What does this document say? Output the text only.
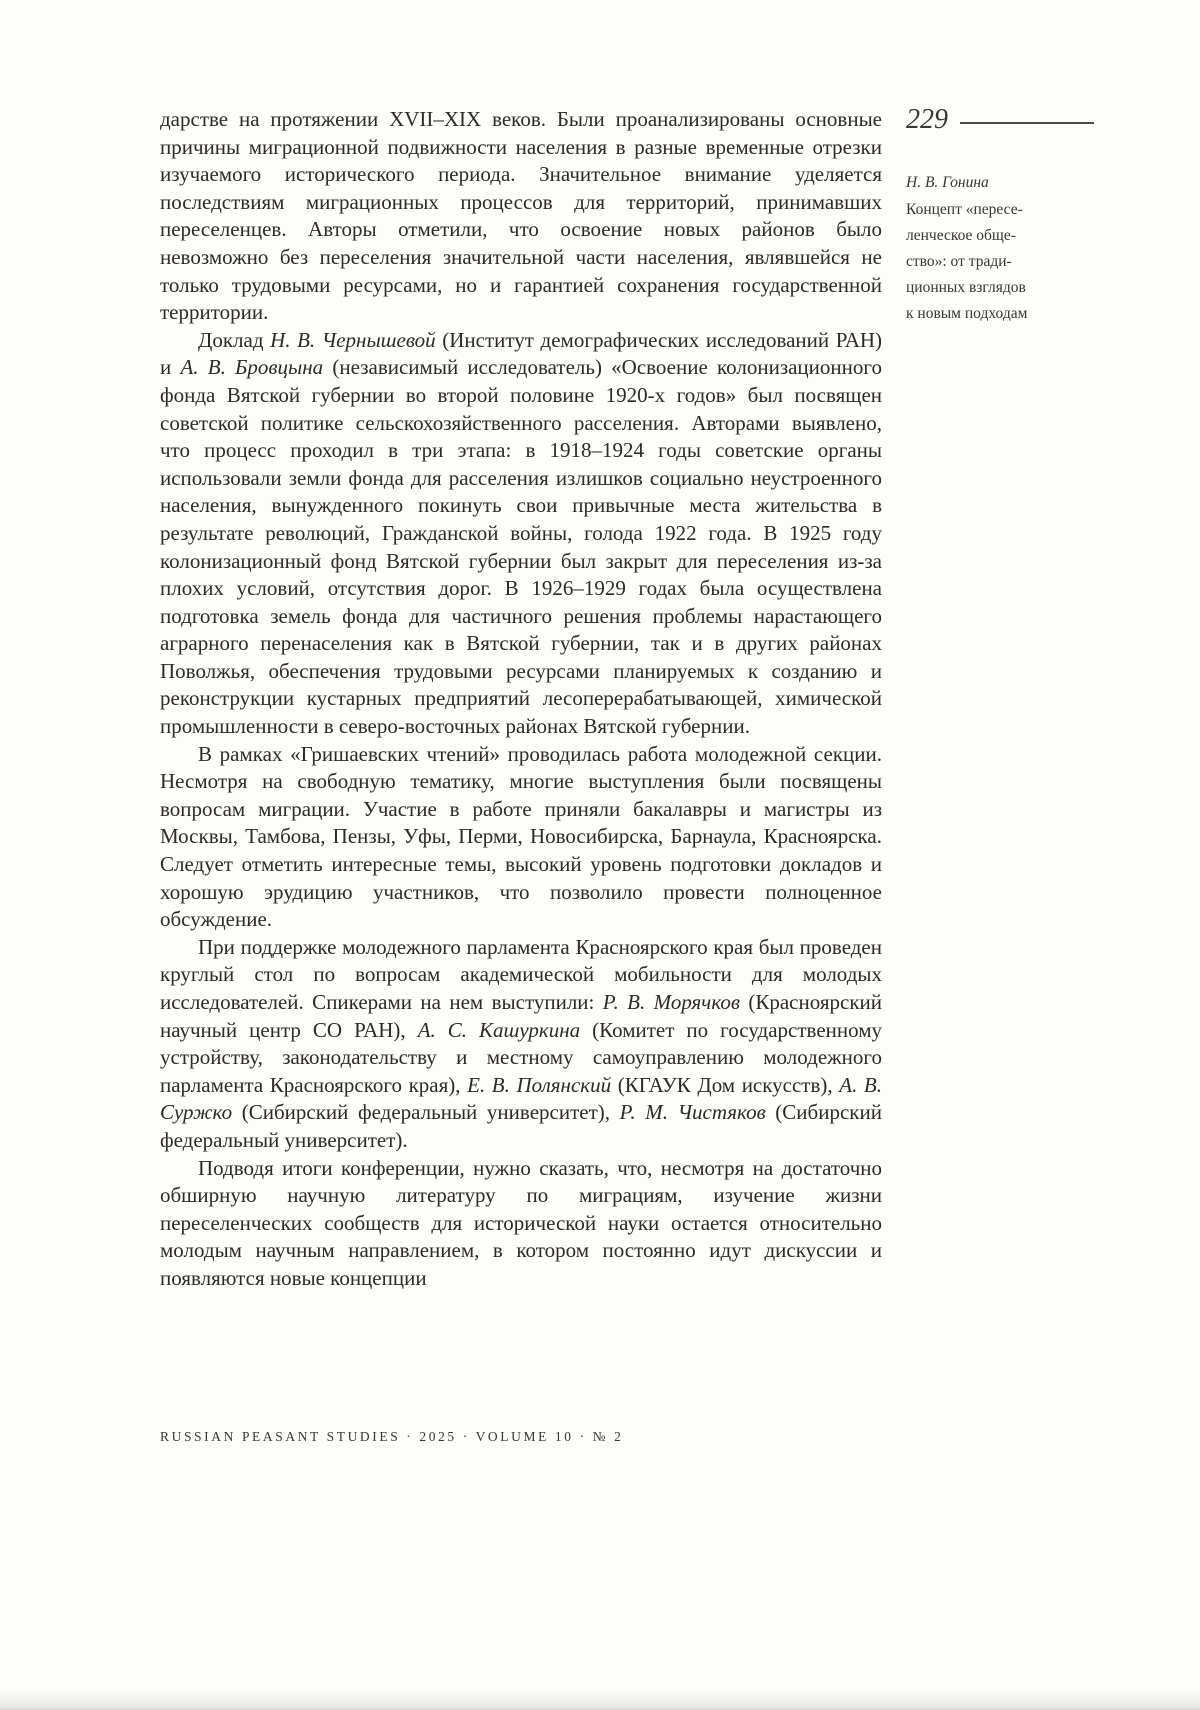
дарстве на протяжении XVII–XIX веков. Были проанализированы основные причины миграционной подвижности населения в разные временные отрезки изучаемого исторического периода. Значительное внимание уделяется последствиям миграционных процессов для территорий, принимавших переселенцев. Авторы отметили, что освоение новых районов было невозможно без переселения значительной части населения, являвшейся не только трудовыми ресурсами, но и гарантией сохранения государственной территории.

Доклад Н. В. Чернышевой (Институт демографических исследований РАН) и А. В. Бровцына (независимый исследователь) «Освоение колонизационного фонда Вятской губернии во второй половине 1920-х годов» был посвящен советской политике сельскохозяйственного расселения. Авторами выявлено, что процесс проходил в три этапа: в 1918–1924 годы советские органы использовали земли фонда для расселения излишков социально неустроенного населения, вынужденного покинуть свои привычные места жительства в результате революций, Гражданской войны, голода 1922 года. В 1925 году колонизационный фонд Вятской губернии был закрыт для переселения из-за плохих условий, отсутствия дорог. В 1926–1929 годах была осуществлена подготовка земель фонда для частичного решения проблемы нарастающего аграрного перенаселения как в Вятской губернии, так и в других районах Поволжья, обеспечения трудовыми ресурсами планируемых к созданию и реконструкции кустарных предприятий лесоперерабатывающей, химической промышленности в северо-восточных районах Вятской губернии.

В рамках «Гришаевских чтений» проводилась работа молодежной секции. Несмотря на свободную тематику, многие выступления были посвящены вопросам миграции. Участие в работе приняли бакалавры и магистры из Москвы, Тамбова, Пензы, Уфы, Перми, Новосибирска, Барнаула, Красноярска. Следует отметить интересные темы, высокий уровень подготовки докладов и хорошую эрудицию участников, что позволило провести полноценное обсуждение.

При поддержке молодежного парламента Красноярского края был проведен круглый стол по вопросам академической мобильности для молодых исследователей. Спикерами на нем выступили: Р. В. Морячков (Красноярский научный центр СО РАН), А. С. Кашуркина (Комитет по государственному устройству, законодательству и местному самоуправлению молодежного парламента Красноярского края), Е. В. Полянский (КГАУК Дом искусств), А. В. Суржко (Сибирский федеральный университет), Р. М. Чистяков (Сибирский федеральный университет).

Подводя итоги конференции, нужно сказать, что, несмотря на достаточно обширную научную литературу по миграциям, изучение жизни переселенческих сообществ для исторической науки остается относительно молодым научным направлением, в котором постоянно идут дискуссии и появляются новые концепции

229
Н. В. Гонина
Концепт «пересе-
ленческое обще-
ство»: от тради-
ционных взглядов
к новым подходам
RUSSIAN PEASANT STUDIES · 2025 · VOLUME 10 · № 2
